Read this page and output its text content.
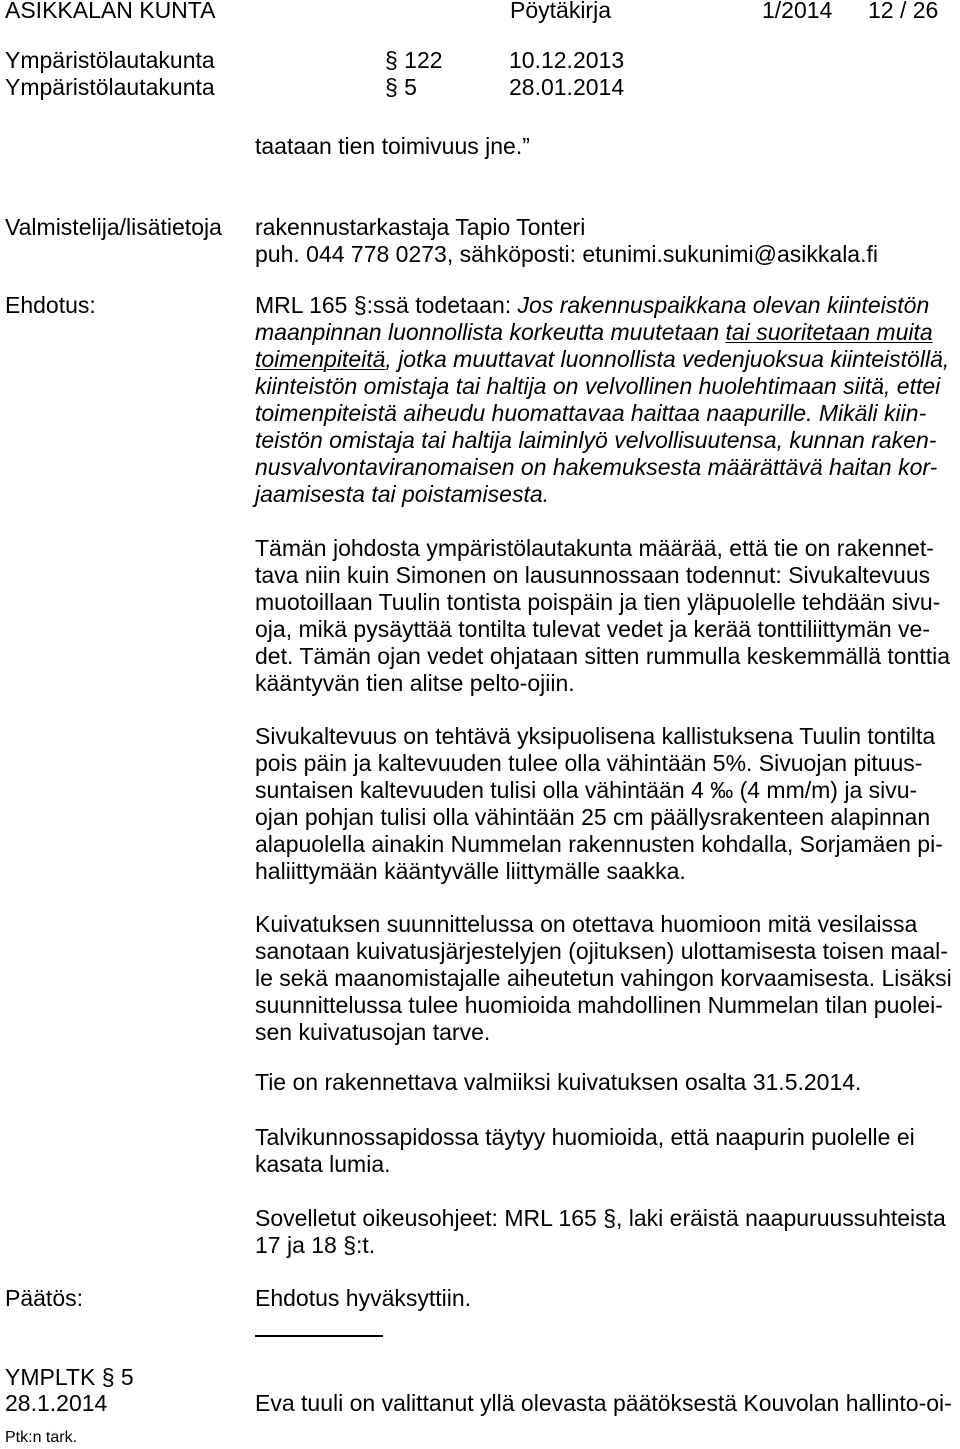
ASIKKALAN KUNTA	Pöytäkirja	1/2014 12 / 26
Ympäristölautakunta	§ 122	10.12.2013
Ympäristölautakunta	§ 5	28.01.2014
taataan tien toimivuus jne.”
Valmistelija/lisätietoja rakennustarkastaja Tapio Tonteri
puh. 044 778 0273, sähköposti: etunimi.sukunimi@asikkala.fi
Ehdotus:	MRL 165 §:ssä todetaan: Jos rakennuspaikkana olevan kiinteistön
maanpinnan luonnollista korkeutta muutetaan tai suoritetaan muita
toimenpiteitä, jotka muuttavat luonnollista vedenjuoksua kiinteistöllä,
kiinteistön omistaja tai haltija on velvollinen huolehtimaan siitä, ettei
toimenpiteistä aiheudu huomattavaa haittaa naapurille. Mikäli kiin-
teistön omistaja tai haltija laiminlyö velvollisuutensa, kunnan raken-
nusvalvontaviranomaisen on hakemuksesta määrättävä haitan kor-
jaamisesta tai poistamisesta.
Tämän johdosta ympäristölautakunta määrää, että tie on rakennet-
tava niin kuin Simonen on lausunnossaan todennut: Sivukaltevuus
muotoillaan Tuulin tontista poispäin ja tien yläpuolelle tehdään sivu-
oja, mikä pysäyttää tontilta tulevat vedet ja kerää tonttiliittymän ve-
det. Tämän ojan vedet ohjataan sitten rummulla keskemmällä tonttia
kääntyvän tien alitse pelto-ojiin.
Sivukaltevuus on tehtävä yksipuolisena kallistuksena Tuulin tontilta
pois päin ja kaltevuuden tulee olla vähintään 5%. Sivuojan pituus-
suntaisen kaltevuuden tulisi olla vähintään 4 ‰ (4 mm/m) ja sivu-
ojan pohjan tulisi olla vähintään 25 cm päällysrakenteen alapinnan
alapuolella ainakin Nummelan rakennusten kohdalla, Sorjamäen pi-
haliittymään kääntyvälle liittymälle saakka.
Kuivatuksen suunnittelussa on otettava huomioon mitä vesilaissa
sanotaan kuivatusjärjestelyjen (ojituksen) ulottamisesta toisen maal-
le sekä maanomistajalle aiheutetun vahingon korvaamisesta. Lisäksi
suunnittelussa tulee huomioida mahdollinen Nummelan tilan puolei-
sen kuivatusojan tarve.
Tie on rakennettava valmiiksi kuivatuksen osalta 31.5.2014.
Talvikunnossapidossa täytyy huomioida, että naapurin puolelle ei
kasata lumia.
Sovelletut oikeusohjeet: MRL 165 §, laki eräistä naapuruussuhteista
17 ja 18 §:t.
Päätös:	Ehdotus hyväksyttiin.
YMPLTK § 5
28.1.2014	Eva tuuli on valittanut yllä olevasta päätöksestä Kouvolan hallinto-oi-
Ptk:n tark.
